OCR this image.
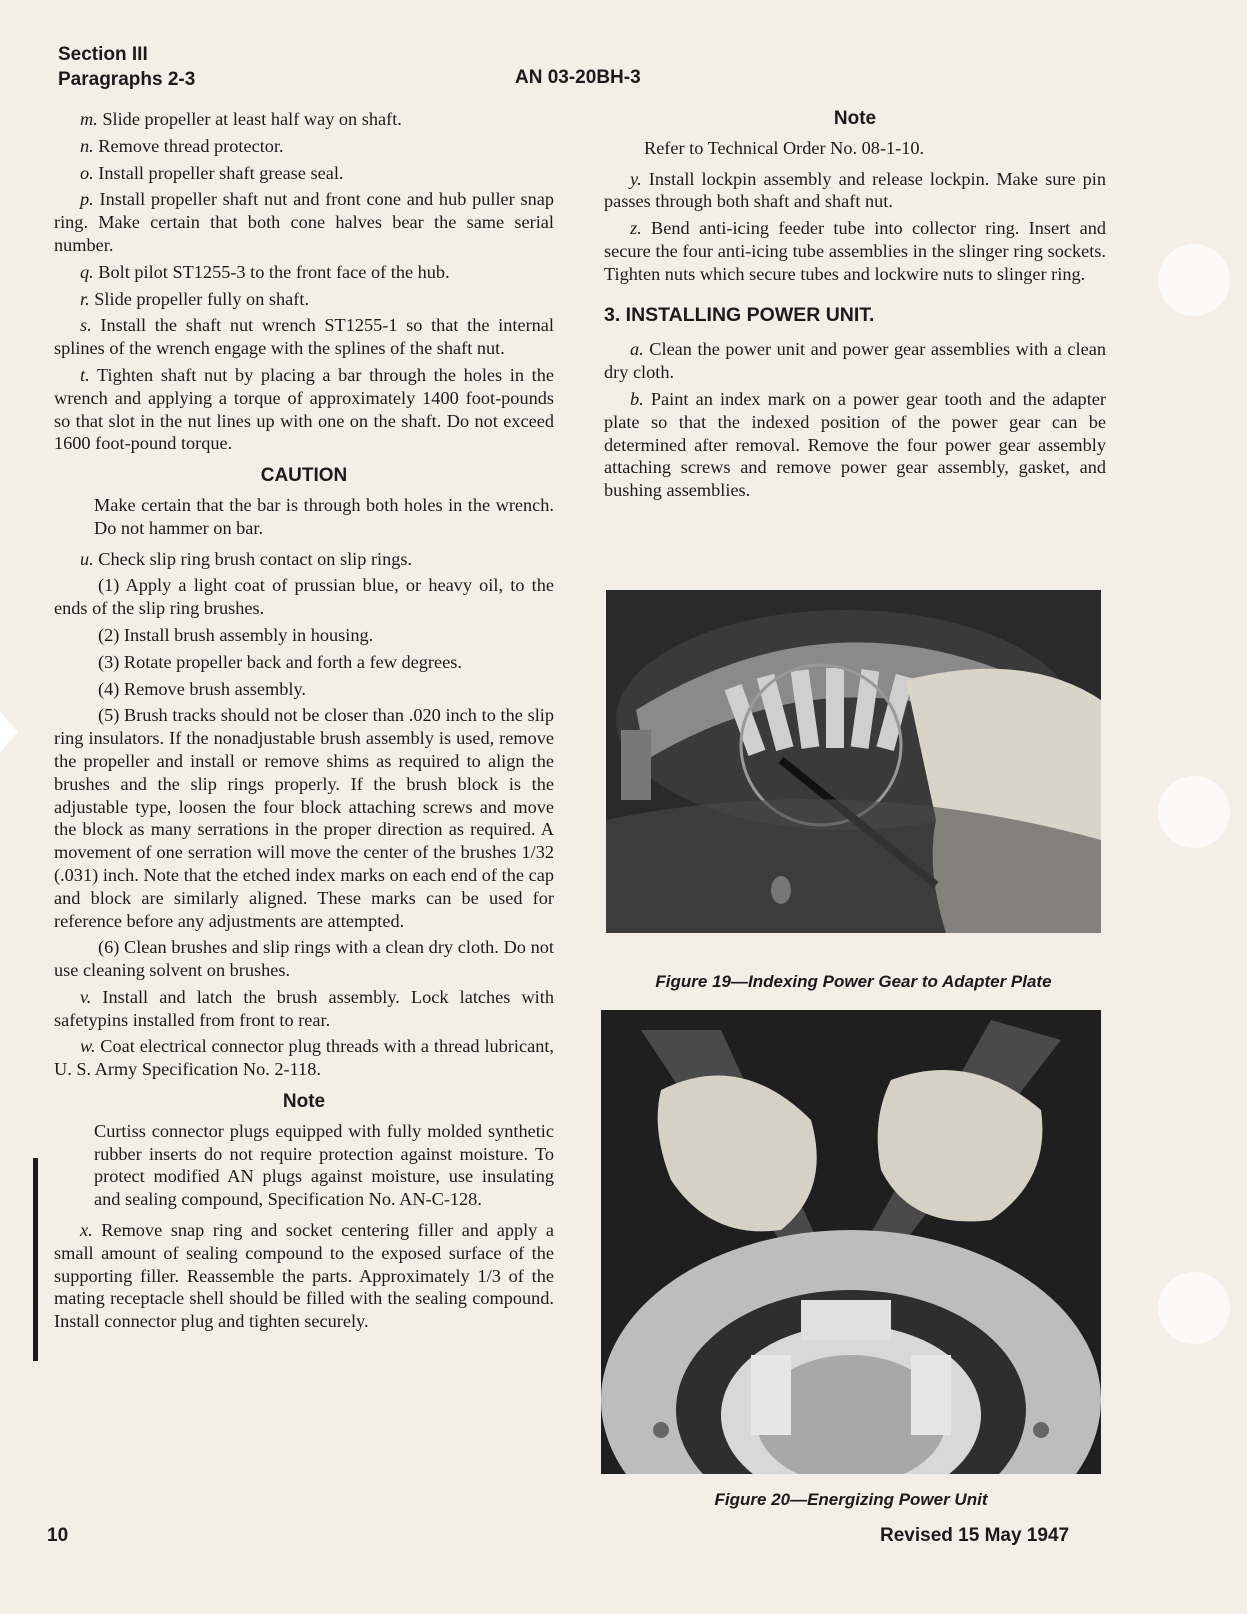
Section III
Paragraphs 2-3	AN 03-20BH-3

m. Slide propeller at least half way on shaft.

n. Remove thread protector.

o. Install propeller shaft grease seal.

p. Install propeller shaft nut and front cone and hub puller snap ring. Make certain that both cone halves bear the same serial number.

q. Bolt pilot ST1255-3 to the front face of the hub.

r. Slide propeller fully on shaft.

s. Install the shaft nut wrench ST1255-1 so that the internal splines of the wrench engage with the splines of the shaft nut.

t. Tighten shaft nut by placing a bar through the holes in the wrench and applying a torque of approximately 1400 foot-pounds so that slot in the nut lines up with one on the shaft. Do not exceed 1600 foot-pound torque.

CAUTION

Make certain that the bar is through both holes in the wrench. Do not hammer on bar.

u. Check slip ring brush contact on slip rings.

(1) Apply a light coat of prussian blue, or heavy oil, to the ends of the slip ring brushes.

(2) Install brush assembly in housing.

(3) Rotate propeller back and forth a few degrees.

(4) Remove brush assembly.

(5) Brush tracks should not be closer than .020 inch to the slip ring insulators. If the nonadjustable brush assembly is used, remove the propeller and install or remove shims as required to align the brushes and the slip rings properly. If the brush block is the adjustable type, loosen the four block attaching screws and move the block as many serrations in the proper direction as required. A movement of one serration will move the center of the brushes 1/32 (.031) inch. Note that the etched index marks on each end of the cap and block are similarly aligned. These marks can be used for reference before any adjustments are attempted.

(6) Clean brushes and slip rings with a clean dry cloth. Do not use cleaning solvent on brushes.

v. Install and latch the brush assembly. Lock latches with safetypins installed from front to rear.

w. Coat electrical connector plug threads with a thread lubricant, U. S. Army Specification No. 2-118.

Note

Curtiss connector plugs equipped with fully molded synthetic rubber inserts do not require protection against moisture. To protect modified AN plugs against moisture, use insulating and sealing compound, Specification No. AN-C-128.

x. Remove snap ring and socket centering filler and apply a small amount of sealing compound to the exposed surface of the supporting filler. Reassemble the parts. Approximately 1/3 of the mating receptacle shell should be filled with the sealing compound. Install connector plug and tighten securely.

Note

Refer to Technical Order No. 08-1-10.

y. Install lockpin assembly and release lockpin. Make sure pin passes through both shaft and shaft nut.

z. Bend anti-icing feeder tube into collector ring. Insert and secure the four anti-icing tube assemblies in the slinger ring sockets. Tighten nuts which secure tubes and lockwire nuts to slinger ring.

3. INSTALLING POWER UNIT.

a. Clean the power unit and power gear assemblies with a clean dry cloth.

b. Paint an index mark on a power gear tooth and the adapter plate so that the indexed position of the power gear can be determined after removal. Remove the four power gear assembly attaching screws and remove power gear assembly, gasket, and bushing assemblies.

Figure 19—Indexing Power Gear to Adapter Plate
Figure 20—Energizing Power Unit
10	Revised 15 May 1947
